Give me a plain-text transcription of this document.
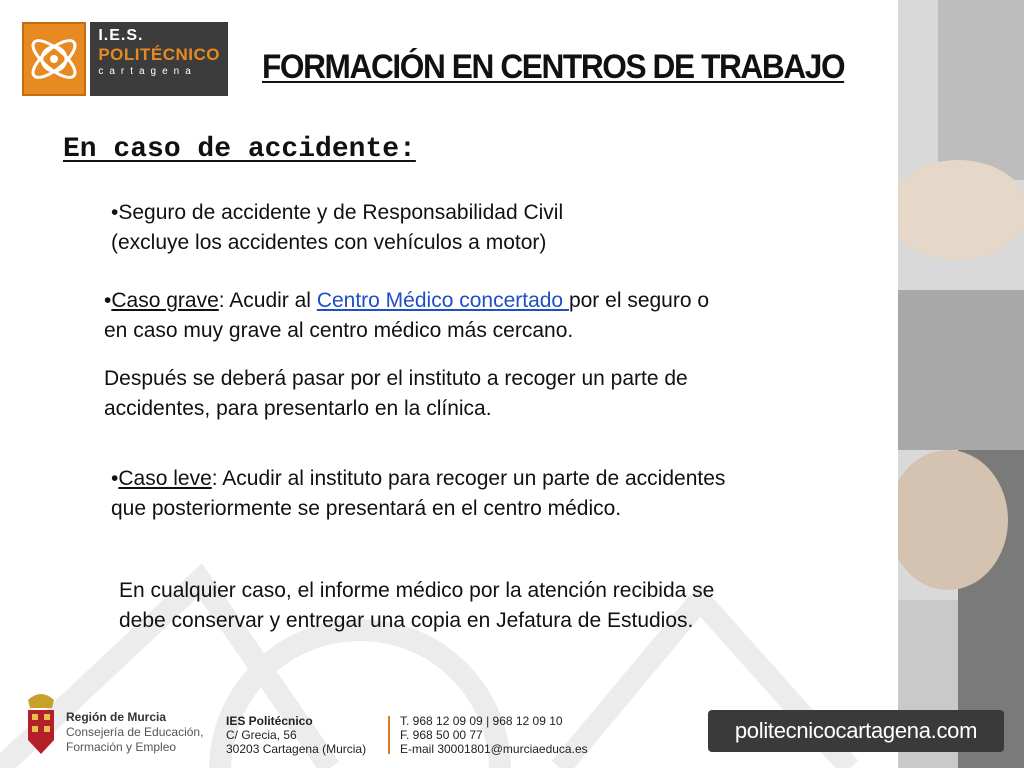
I.E.S.
POLITÉCNICO
cartagena	FORMACIÓN EN CENTROS DE TRABAJO
En caso de accidente:
•Seguro de accidente y de Responsabilidad Civil
(excluye los accidentes con vehículos a motor)
•Caso grave: Acudir al Centro Médico concertado por el seguro o
en caso muy grave al centro médico más cercano.
Después se deberá pasar por el instituto a recoger un parte de
accidentes, para presentarlo en la clínica.
•Caso leve: Acudir al instituto para recoger un parte de accidentes
que posteriormente se presentará en el centro médico.
En cualquier caso, el informe médico por la atención recibida se
debe conservar y entregar una copia en Jefatura de Estudios.
Región de Murcia
Consejería de Educación,
Formación y Empleo
IES Politécnico
C/ Grecia, 56
30203 Cartagena (Murcia)
T. 968 12 09 09 | 968 12 09 10
F. 968 50 00 77
E-mail 30001801@murciaeduca.es
politecnicocartagena.com
